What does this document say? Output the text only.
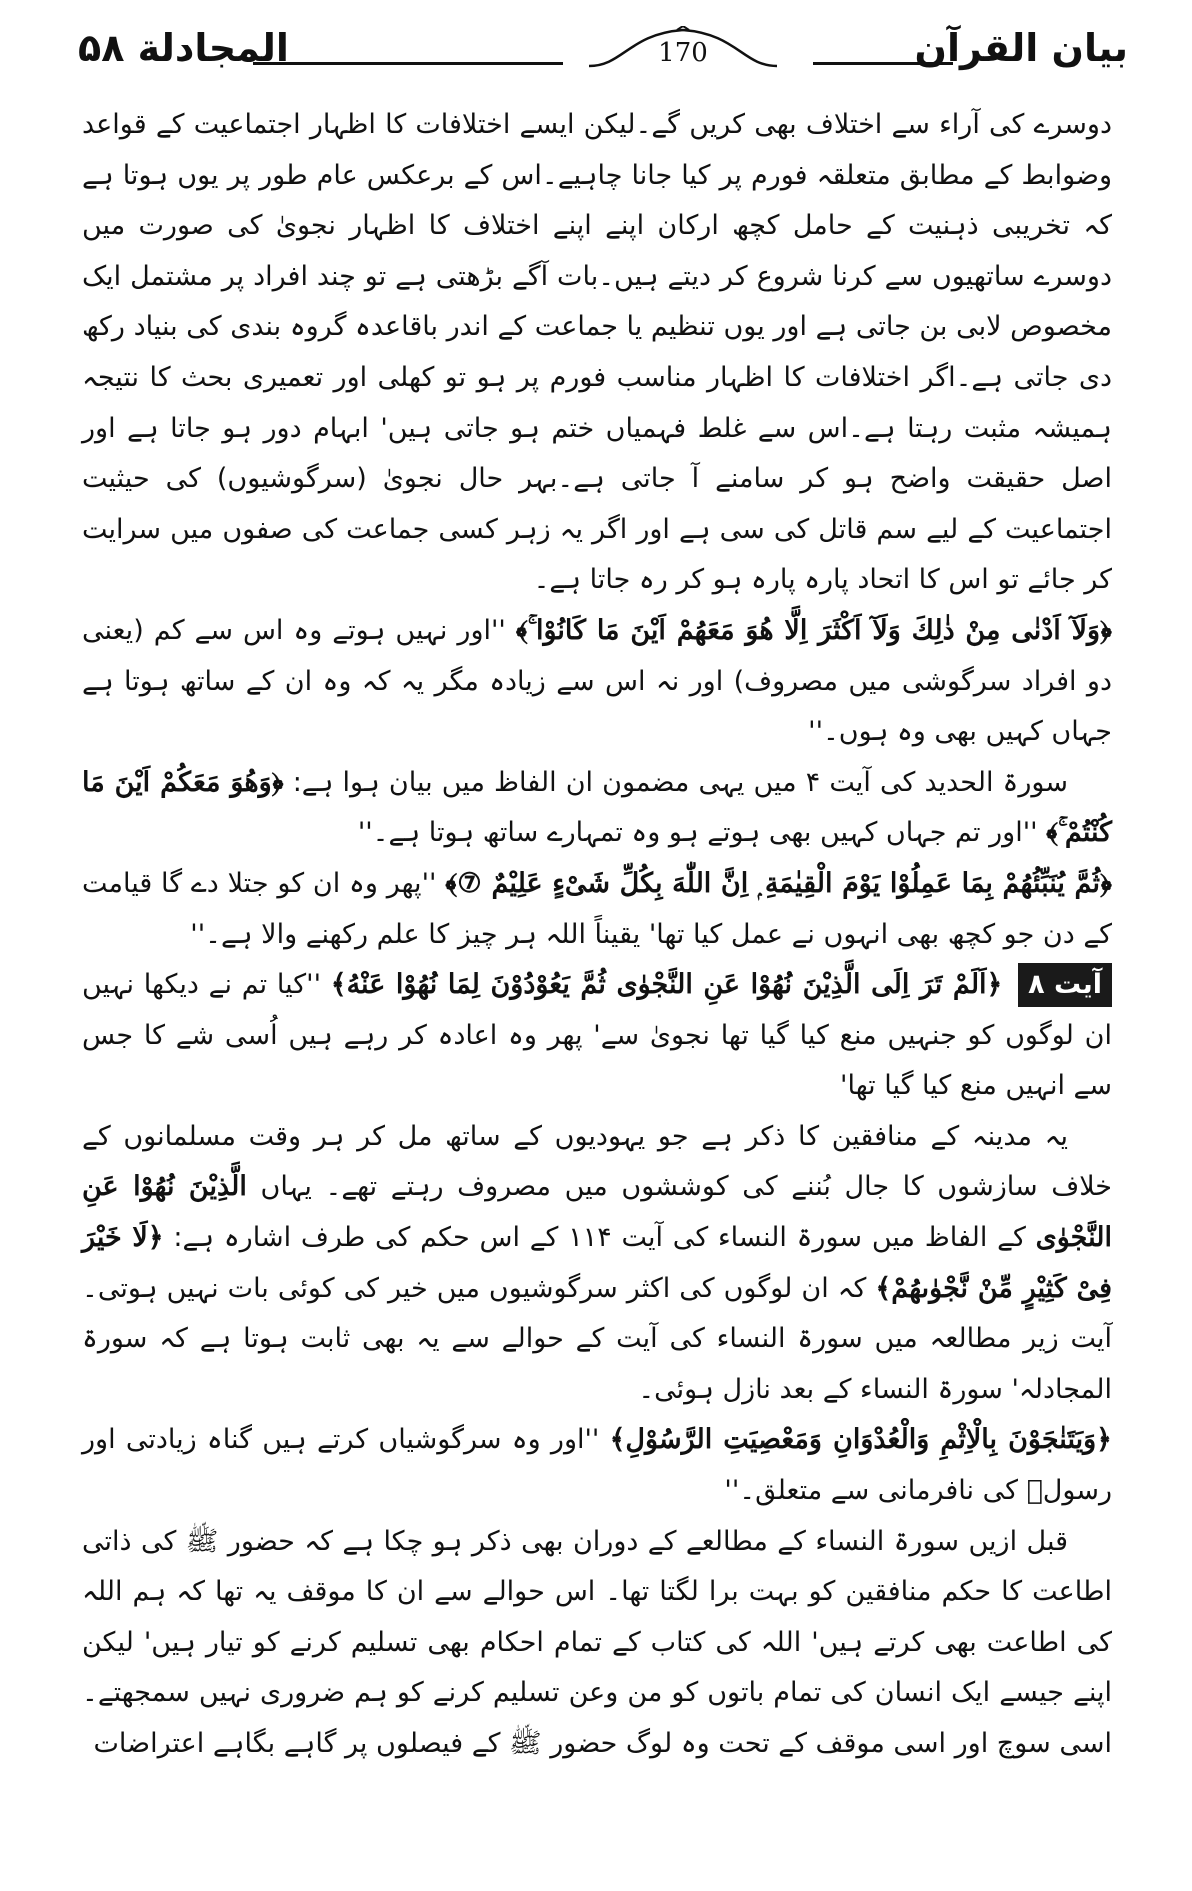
بیان القرآن
170
المجادلة ۵۸

دوسرے کی آراء سے اختلاف بھی کریں گے۔لیکن ایسے اختلافات کا اظہار اجتماعیت کے قواعد وضوابط کے مطابق متعلقہ فورم پر کیا جانا چاہیے۔اس کے برعکس عام طور پر یوں ہوتا ہے کہ تخریبی ذہنیت کے حامل کچھ ارکان اپنے اپنے اختلاف کا اظہار نجویٰ کی صورت میں دوسرے ساتھیوں سے کرنا شروع کر دیتے ہیں۔بات آگے بڑھتی ہے تو چند افراد پر مشتمل ایک مخصوص لابی بن جاتی ہے اور یوں تنظیم یا جماعت کے اندر باقاعدہ گروہ بندی کی بنیاد رکھ دی جاتی ہے۔اگر اختلافات کا اظہار مناسب فورم پر ہو تو کھلی اور تعمیری بحث کا نتیجہ ہمیشہ مثبت رہتا ہے۔اس سے غلط فہمیاں ختم ہو جاتی ہیں' ابہام دور ہو جاتا ہے اور اصل حقیقت واضح ہو کر سامنے آ جاتی ہے۔بہر حال نجویٰ (سرگوشیوں) کی حیثیت اجتماعیت کے لیے سم قاتل کی سی ہے اور اگر یہ زہر کسی جماعت کی صفوں میں سرایت کر جائے تو اس کا اتحاد پارہ پارہ ہو کر رہ جاتا ہے۔

﴿وَلَآ اَدْنٰی مِنْ ذٰلِكَ وَلَآ اَكْثَرَ اِلَّا هُوَ مَعَهُمْ اَیْنَ مَا كَانُوْا ۚ﴾ ''اور نہیں ہوتے وہ اس سے کم (یعنی دو افراد سرگوشی میں مصروف) اور نہ اس سے زیادہ مگر یہ کہ وہ ان کے ساتھ ہوتا ہے جہاں کہیں بھی وہ ہوں۔''

سورۃ الحدید کی آیت ۴ میں یہی مضمون ان الفاظ میں بیان ہوا ہے: ﴿وَهُوَ مَعَكُمْ اَیْنَ مَا كُنْتُمْ ۚ﴾ ''اور تم جہاں کہیں بھی ہوتے ہو وہ تمہارے ساتھ ہوتا ہے۔''

﴿ثُمَّ یُنَبِّئُهُمْ بِمَا عَمِلُوْا یَوْمَ الْقِیٰمَةِ ۭ اِنَّ اللّٰهَ بِكُلِّ شَیْءٍ عَلِیْمٌ ⑦﴾ ''پھر وہ ان کو جتلا دے گا قیامت کے دن جو کچھ بھی انہوں نے عمل کیا تھا' یقیناً اللہ ہر چیز کا علم رکھنے والا ہے۔''

آیت ۸ ﴿اَلَمْ تَرَ اِلَی الَّذِیْنَ نُهُوْا عَنِ النَّجْوٰی ثُمَّ یَعُوْدُوْنَ لِمَا نُهُوْا عَنْهُ﴾ ''کیا تم نے دیکھا نہیں ان لوگوں کو جنہیں منع کیا گیا تھا نجویٰ سے' پھر وہ اعادہ کر رہے ہیں اُسی شے کا جس سے انہیں منع کیا گیا تھا'

یہ مدینہ کے منافقین کا ذکر ہے جو یہودیوں کے ساتھ مل کر ہر وقت مسلمانوں کے خلاف سازشوں کا جال بُننے کی کوششوں میں مصروف رہتے تھے۔ یہاں الَّذِیْنَ نُهُوْا عَنِ النَّجْوٰی کے الفاظ میں سورۃ النساء کی آیت ۱۱۴ کے اس حکم کی طرف اشارہ ہے: ﴿لَا خَیْرَ فِیْ كَثِیْرٍ مِّنْ نَّجْوٰىهُمْ﴾ کہ ان لوگوں کی اکثر سرگوشیوں میں خیر کی کوئی بات نہیں ہوتی۔ آیت زیر مطالعہ میں سورۃ النساء کی آیت کے حوالے سے یہ بھی ثابت ہوتا ہے کہ سورۃ المجادلہ' سورۃ النساء کے بعد نازل ہوئی۔

﴿وَیَتَنٰجَوْنَ بِالْاِثْمِ وَالْعُدْوَانِ وَمَعْصِیَتِ الرَّسُوْلِ﴾ ''اور وہ سرگوشیاں کرتے ہیں گناہ زیادتی اور رسولؐ کی نافرمانی سے متعلق۔''

قبل ازیں سورۃ النساء کے مطالعے کے دوران بھی ذکر ہو چکا ہے کہ حضور ﷺ کی ذاتی اطاعت کا حکم منافقین کو بہت برا لگتا تھا۔ اس حوالے سے ان کا موقف یہ تھا کہ ہم اللہ کی اطاعت بھی کرتے ہیں' اللہ کی کتاب کے تمام احکام بھی تسلیم کرنے کو تیار ہیں' لیکن اپنے جیسے ایک انسان کی تمام باتوں کو من وعن تسلیم کرنے کو ہم ضروری نہیں سمجھتے۔ اسی سوچ اور اسی موقف کے تحت وہ لوگ حضور ﷺ کے فیصلوں پر گاہے بگاہے اعتراضات
